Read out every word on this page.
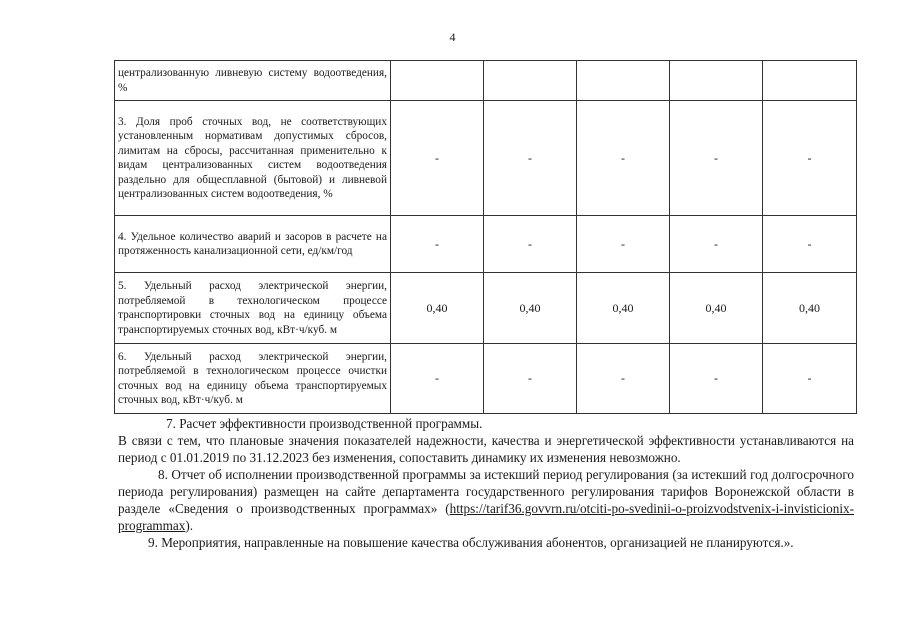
4
централизованную ливневую систему водоотведения, %					
3. Доля проб сточных вод, не соответствующих установленным нормативам допустимых сбросов, лимитам на сбросы, рассчитанная применительно к видам централизованных систем водоотведения раздельно для общесплавной (бытовой) и ливневой централизованных систем водоотведения, %	-	-	-	-	-
4. Удельное количество аварий и засоров в расчете на протяженность канализационной сети, ед/км/год	-	-	-	-	-
5. Удельный расход электрической энергии, потребляемой в технологическом процессе транспортировки сточных вод на единицу объема транспортируемых сточных вод, кВт·ч/куб. м	0,40	0,40	0,40	0,40	0,40
6. Удельный расход электрической энергии, потребляемой в технологическом процессе очистки сточных вод на единицу объема транспортируемых сточных вод, кВт·ч/куб. м	-	-	-	-	-

7. Расчет эффективности производственной программы.

В связи с тем, что плановые значения показателей надежности, качества и энергетической эффективности устанавливаются на период с 01.01.2019 по 31.12.2023 без изменения, сопоставить динамику их изменения невозможно.

8. Отчет об исполнении производственной программы за истекший период регулирования (за истекший год долгосрочного периода регулирования) размещен на сайте департамента государственного регулирования тарифов Воронежской области в разделе «Сведения о производственных программах» (https://tarif36.govvrn.ru/otciti-po-svedinii-o-proizvodstvenix-i-invisticionix-programmax).

9. Мероприятия, направленные на повышение качества обслуживания абонентов, организацией не планируются.».
